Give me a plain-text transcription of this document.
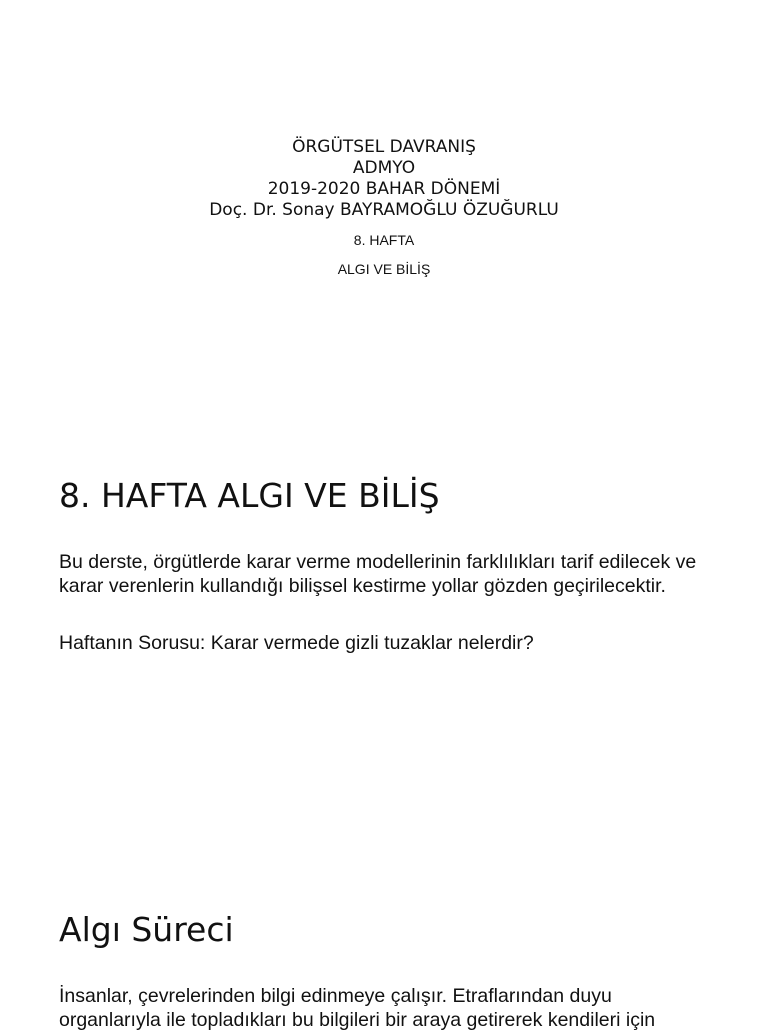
ÖRGÜTSEL DAVRANIŞ
ADMYO
2019-2020 BAHAR DÖNEMİ
Doç. Dr. Sonay BAYRAMOĞLU ÖZUĞURLU
8. HAFTA
ALGI VE BİLİŞ
8. HAFTA ALGI VE BİLİŞ

Bu derste, örgütlerde karar verme modellerinin farklılıkları tarif edilecek ve karar verenlerin kullandığı bilişsel kestirme yollar gözden geçirilecektir.

Haftanın Sorusu: Karar vermede gizli tuzaklar nelerdir?

Algı Süreci

İnsanlar, çevrelerinden bilgi edinmeye çalışır. Etraflarından duyu organlarıyla ile topladıkları bu bilgileri bir araya getirerek kendileri için
